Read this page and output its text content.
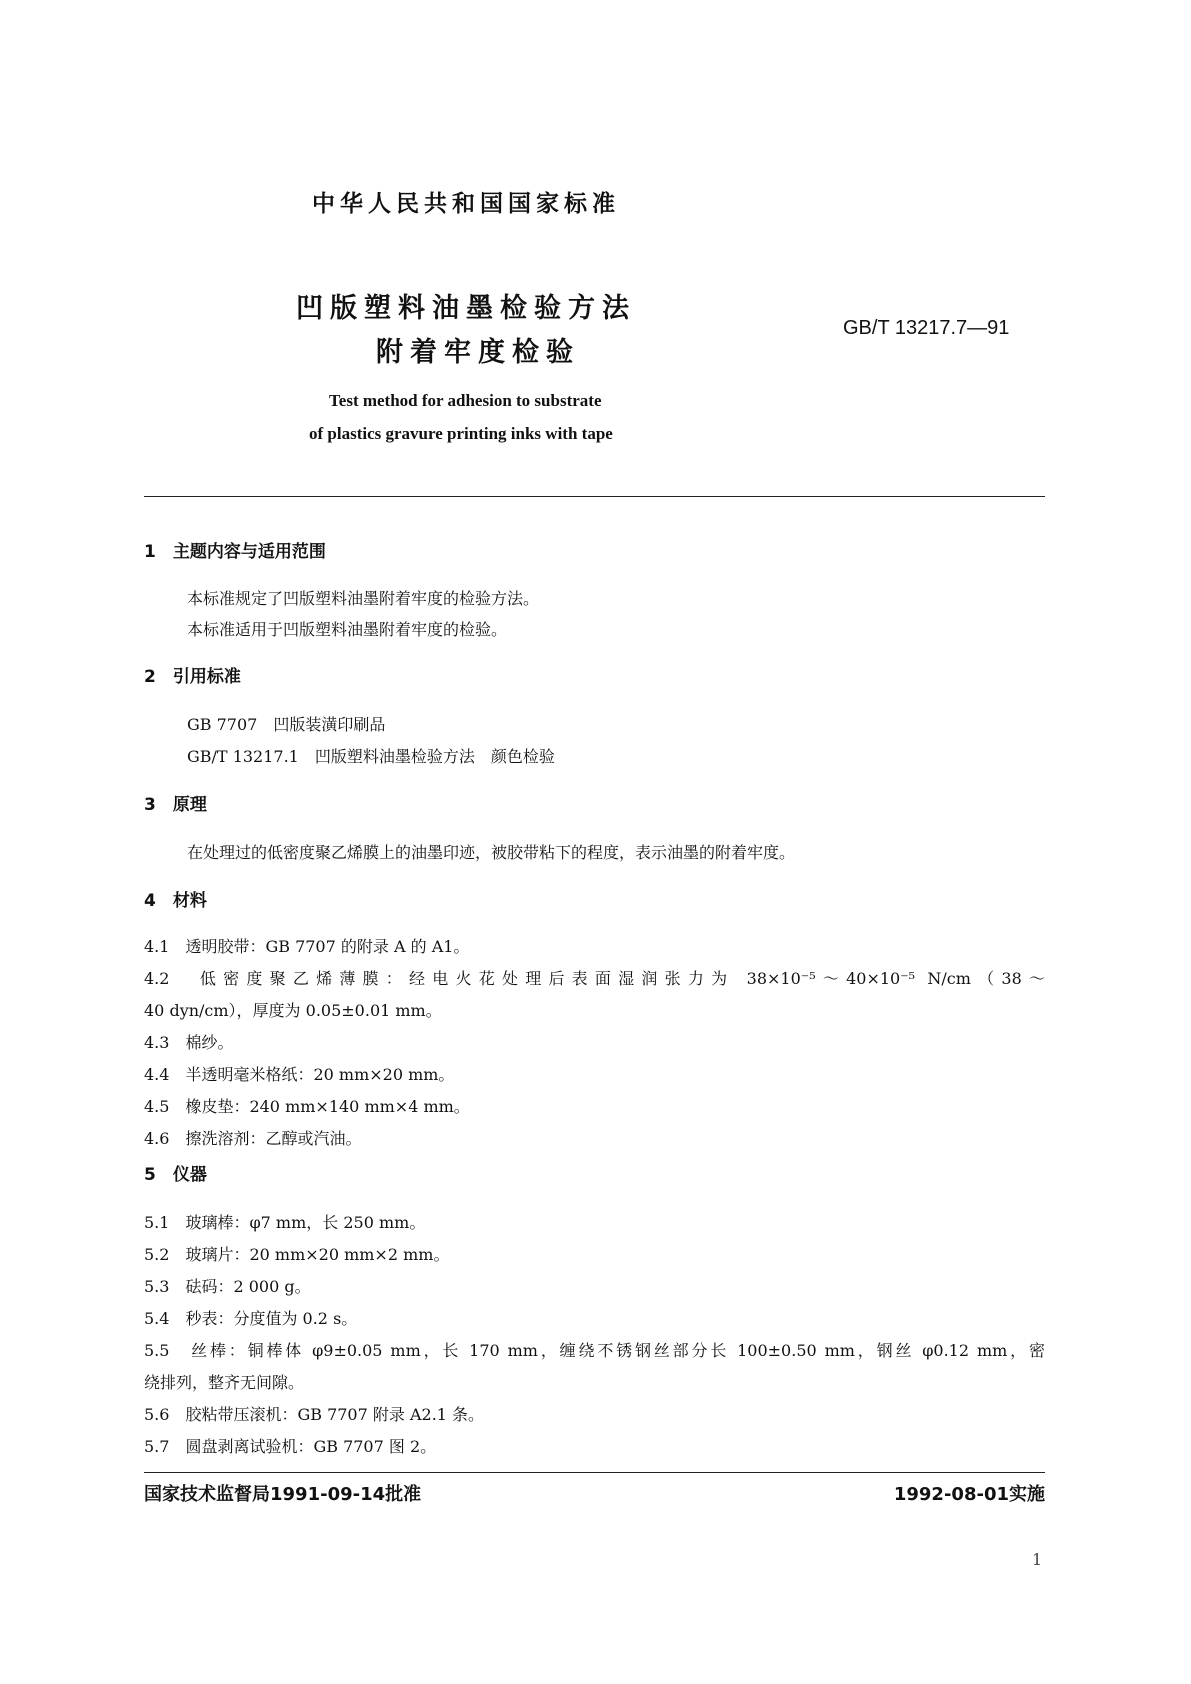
中华人民共和国国家标准
凹版塑料油墨检验方法
附着牢度检验
GB/T 13217.7—91
Test method for adhesion to substrate
of plastics gravure printing inks with tape
1　主题内容与适用范围
本标准规定了凹版塑料油墨附着牢度的检验方法。
本标准适用于凹版塑料油墨附着牢度的检验。
2　引用标准
GB 7707　凹版装潢印刷品
GB/T 13217.1　凹版塑料油墨检验方法　颜色检验
3　原理
在处理过的低密度聚乙烯膜上的油墨印迹，被胶带粘下的程度，表示油墨的附着牢度。
4　材料
4.1　透明胶带：GB 7707 的附录 A 的 A1。
4.2　低密度聚乙烯薄膜：经电火花处理后表面湿润张力为 38×10⁻⁵～40×10⁻⁵ N/cm（38～
40 dyn/cm），厚度为 0.05±0.01 mm。
4.3　棉纱。
4.4　半透明毫米格纸：20 mm×20 mm。
4.5　橡皮垫：240 mm×140 mm×4 mm。
4.6　擦洗溶剂：乙醇或汽油。
5　仪器
5.1　玻璃棒：φ7 mm，长 250 mm。
5.2　玻璃片：20 mm×20 mm×2 mm。
5.3　砝码：2 000 g。
5.4　秒表：分度值为 0.2 s。
5.5　丝棒：铜棒体 φ9±0.05 mm，长 170 mm，缠绕不锈钢丝部分长 100±0.50 mm，钢丝 φ0.12 mm，密
绕排列，整齐无间隙。
5.6　胶粘带压滚机：GB 7707 附录 A2.1 条。
5.7　圆盘剥离试验机：GB 7707 图 2。
国家技术监督局1991-09-14批准	1992-08-01实施
1
